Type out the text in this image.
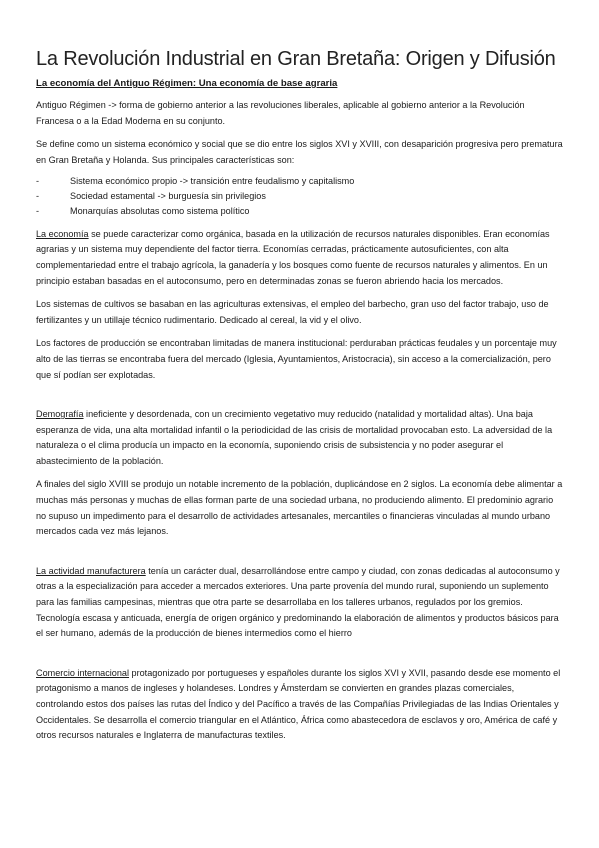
La Revolución Industrial en Gran Bretaña: Origen y Difusión
La economía del Antiguo Régimen: Una economía de base agraria

Antiguo Régimen -> forma de gobierno anterior a las revoluciones liberales, aplicable al gobierno anterior a la Revolución Francesa o a la Edad Moderna en su conjunto.

Se define como un sistema económico y social que se dio entre los siglos XVI y XVIII, con desaparición progresiva pero prematura en Gran Bretaña y Holanda. Sus principales características son:

-	Sistema económico propio -> transición entre feudalismo y capitalismo
-	Sociedad estamental -> burguesía sin privilegios
-	Monarquías absolutas como sistema político

La economía se puede caracterizar como orgánica, basada en la utilización de recursos naturales disponibles. Eran economías agrarias y un sistema muy dependiente del factor tierra. Economías cerradas, prácticamente autosuficientes, con alta complementariedad entre el trabajo agrícola, la ganadería y los bosques como fuente de recursos naturales y alimentos. En un principio estaban basadas en el autoconsumo, pero en determinadas zonas se fueron abriendo hacia los mercados.

Los sistemas de cultivos se basaban en las agriculturas extensivas, el empleo del barbecho, gran uso del factor trabajo, uso de fertilizantes y un utillaje técnico rudimentario. Dedicado al cereal, la vid y el olivo.

Los factores de producción se encontraban limitadas de manera institucional: perduraban prácticas feudales y un porcentaje muy alto de las tierras se encontraba fuera del mercado (Iglesia, Ayuntamientos, Aristocracia), sin acceso a la comercialización, pero que sí podían ser explotadas.

Demografía ineficiente y desordenada, con un crecimiento vegetativo muy reducido (natalidad y mortalidad altas). Una baja esperanza de vida, una alta mortalidad infantil o la periodicidad de las crisis de mortalidad provocaban esto. La adversidad de la naturaleza o el clima producía un impacto en la economía, suponiendo crisis de subsistencia y no poder asegurar el abastecimiento de la población.

A finales del siglo XVIII se produjo un notable incremento de la población, duplicándose en 2 siglos. La economía debe alimentar a muchas más personas y muchas de ellas forman parte de una sociedad urbana, no produciendo alimento. El predominio agrario no supuso un impedimento para el desarrollo de actividades artesanales, mercantiles o financieras vinculadas al mundo urbano mercados cada vez más lejanos.

La actividad manufacturera tenía un carácter dual, desarrollándose entre campo y ciudad, con zonas dedicadas al autoconsumo y otras a la especialización para acceder a mercados exteriores. Una parte provenía del mundo rural, suponiendo un suplemento para las familias campesinas, mientras que otra parte se desarrollaba en los talleres urbanos, regulados por los gremios. Tecnología escasa y anticuada, energía de origen orgánico y predominando la elaboración de alimentos y productos básicos para el ser humano, además de la producción de bienes intermedios como el hierro

Comercio internacional protagonizado por portugueses y españoles durante los siglos XVI y XVII, pasando desde ese momento el protagonismo a manos de ingleses y holandeses. Londres y Ámsterdam se convierten en grandes plazas comerciales, controlando estos dos países las rutas del Índico y del Pacífico a través de las Compañías Privilegiadas de las Indias Orientales y Occidentales. Se desarrolla el comercio triangular en el Atlántico, África como abastecedora de esclavos y oro, América de café y otros recursos naturales e Inglaterra de manufacturas textiles.
